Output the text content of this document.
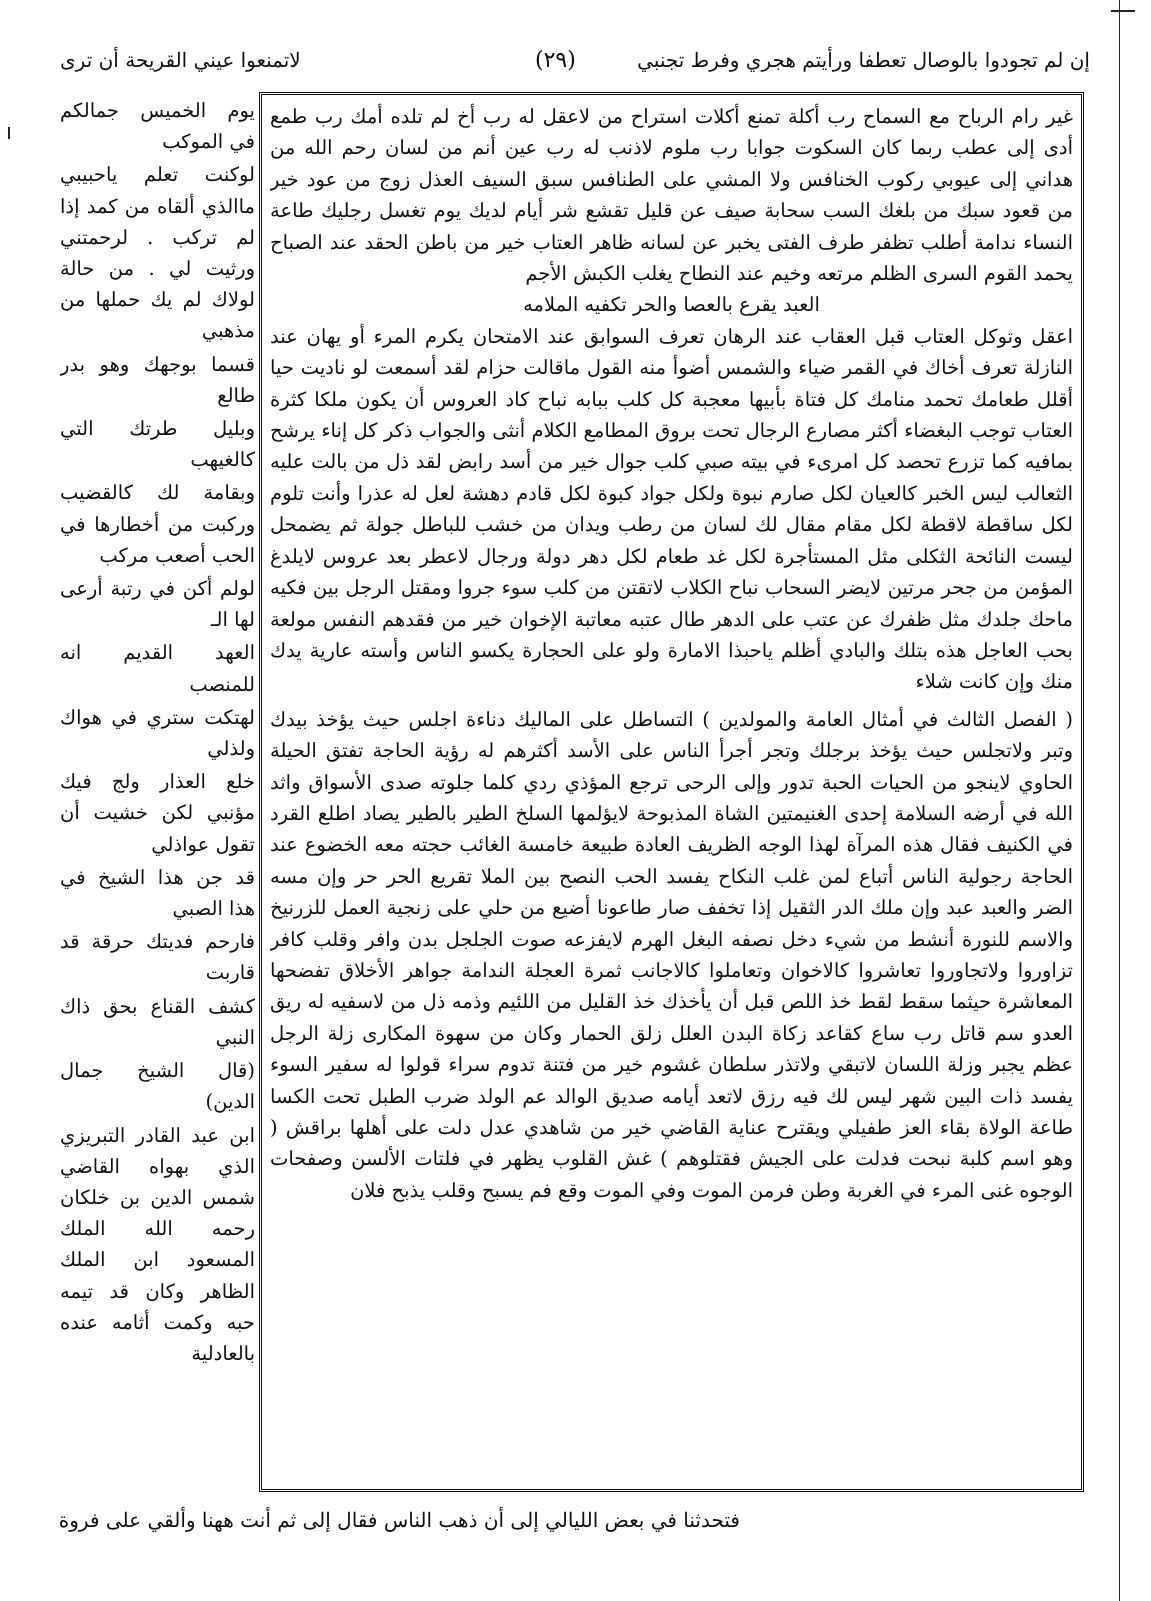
إن لم تجودوا بالوصال تعطفا ورأيتم هجري وفرط تجنبي
(٢٩)
لاتمنعوا عيني القريحة أن ترى

غير رام الرباح مع السماح رب أكلة تمنع أكلات استراح من لاعقل له رب أخ لم تلده أمك رب طمع أدى إلى عطب ربما كان السكوت جوابا رب ملوم لاذنب له رب عين أنم من لسان رحم الله من هداني إلى عيوبي ركوب الخنافس ولا المشي على الطنافس سبق السيف العذل زوج من عود خير من قعود سبك من بلغك السب سحابة صيف عن قليل تقشع شر أيام لديك يوم تغسل رجليك طاعة النساء ندامة أطلب تظفر طرف الفتى يخبر عن لسانه ظاهر العتاب خير من باطن الحقد عند الصباح يحمد القوم السرى الظلم مرتعه وخيم عند النطاح يغلب الكبش الأجم

العبد يقرع بالعصا والحر تكفيه الملامه

اعقل وتوكل العتاب قبل العقاب عند الرهان تعرف السوابق عند الامتحان يكرم المرء أو يهان عند النازلة تعرف أخاك في القمر ضياء والشمس أضوأ منه القول ماقالت حزام لقد أسمعت لو ناديت حيا أقلل طعامك تحمد منامك كل فتاة بأبيها معجبة كل كلب ببابه نباح كاد العروس أن يكون ملكا كثرة العتاب توجب البغضاء أكثر مصارع الرجال تحت بروق المطامع الكلام أنثى والجواب ذكر كل إناء يرشح بمافيه كما تزرع تحصد كل امرىء في بيته صبي كلب جوال خير من أسد رابض لقد ذل من بالت عليه الثعالب ليس الخبر كالعيان لكل صارم نبوة ولكل جواد كبوة لكل قادم دهشة لعل له عذرا وأنت تلوم لكل ساقطة لاقطة لكل مقام مقال لك لسان من رطب ويدان من خشب للباطل جولة ثم يضمحل ليست النائحة الثكلى مثل المستأجرة لكل غد طعام لكل دهر دولة ورجال لاعطر بعد عروس لايلدغ المؤمن من جحر مرتين لايضر السحاب نباح الكلاب لاتقتن من كلب سوء جروا ومقتل الرجل بين فكيه ماحك جلدك مثل ظفرك عن عتب على الدهر طال عتبه معاتبة الإخوان خير من فقدهم النفس مولعة بحب العاجل هذه بتلك والبادي أظلم ياحبذا الامارة ولو على الحجارة يكسو الناس وأسته عارية يدك منك وإن كانت شلاء

( الفصل الثالث في أمثال العامة والمولدين ) التساطل على الماليك دناءة اجلس حيث يؤخذ بيدك وتبر ولاتجلس حيث يؤخذ برجلك وتجر أجرأ الناس على الأسد أكثرهم له رؤية الحاجة تفتق الحيلة الحاوي لاينجو من الحيات الحبة تدور وإلى الرحى ترجع المؤذي ردي كلما جلوته صدى الأسواق واثد الله في أرضه السلامة إحدى الغنيمتين الشاة المذبوحة لايؤلمها السلخ الطير بالطير يصاد اطلع القرد في الكنيف فقال هذه المرآة لهذا الوجه الظريف العادة طبيعة خامسة الغائب حجته معه الخضوع عند الحاجة رجولية الناس أتباع لمن غلب النكاح يفسد الحب النصح بين الملا تقريع الحر حر وإن مسه الضر والعبد عبد وإن ملك الدر الثقيل إذا تخفف صار طاعونا أضيع من حلي على زنجية العمل للزرنيخ والاسم للنورة أنشط من شيء دخل نصفه البغل الهرم لايفزعه صوت الجلجل بدن وافر وقلب كافر تزاوروا ولاتجاوروا تعاشروا كالاخوان وتعاملوا كالاجانب ثمرة العجلة الندامة جواهر الأخلاق تفضحها المعاشرة حيثما سقط لقط خذ اللص قبل أن يأخذك خذ القليل من اللئيم وذمه ذل من لاسفيه له ريق العدو سم قاتل رب ساع كقاعد زكاة البدن العلل زلق الحمار وكان من سهوة المكارى زلة الرجل عظم يجبر وزلة اللسان لاتبقي ولاتذر سلطان غشوم خير من فتنة تدوم سراء قولوا له سفير السوء يفسد ذات البين شهر ليس لك فيه رزق لاتعد أيامه صديق الوالد عم الولد ضرب الطبل تحت الكسا طاعة الولاة بقاء العز طفيلي ويقترح عناية القاضي خير من شاهدي عدل دلت على أهلها براقش ( وهو اسم كلبة نبحت فدلت على الجيش فقتلوهم ) غش القلوب يظهر في فلتات الألسن وصفحات الوجوه غنى المرء في الغربة وطن فرمن الموت وفي الموت وقع فم يسبح وقلب يذبح فلان

يوم الخميس جمالكم في الموكب

لوكنت تعلم ياحبيبي ماالذي ألقاه من كمد إذا لم تركب . لرحمتني ورثيت لي . من حالة لولاك لم يك حملها من مذهبي

قسما بوجهك وهو بدر طالع

وبليل طرتك التي كالغيهب

وبقامة لك كالقضيب وركبت من أخطارها في الحب أصعب مركب

لولم أكن في رتبة أرعى لها الـ

العهد القديم انه للمنصب

لهتكت ستري في هواك ولذلي

خلع العذار ولج فيك مؤنبي لكن خشيت أن تقول عواذلي

قد جن هذا الشيخ في هذا الصبي

فارحم فديتك حرقة قد قاربت

كشف القناع بحق ذاك النبي

(قال الشيخ جمال الدين)

ابن عبد القادر التبريزي الذي بهواه القاضي شمس الدين بن خلكان رحمه الله الملك المسعود ابن الملك الظاهر وكان قد تيمه حبه وكمت أثامه عنده بالعادلية

فتحدثنا في بعض الليالي إلى أن ذهب الناس فقال إلى ثم أنت ههنا وألقي على فروة
